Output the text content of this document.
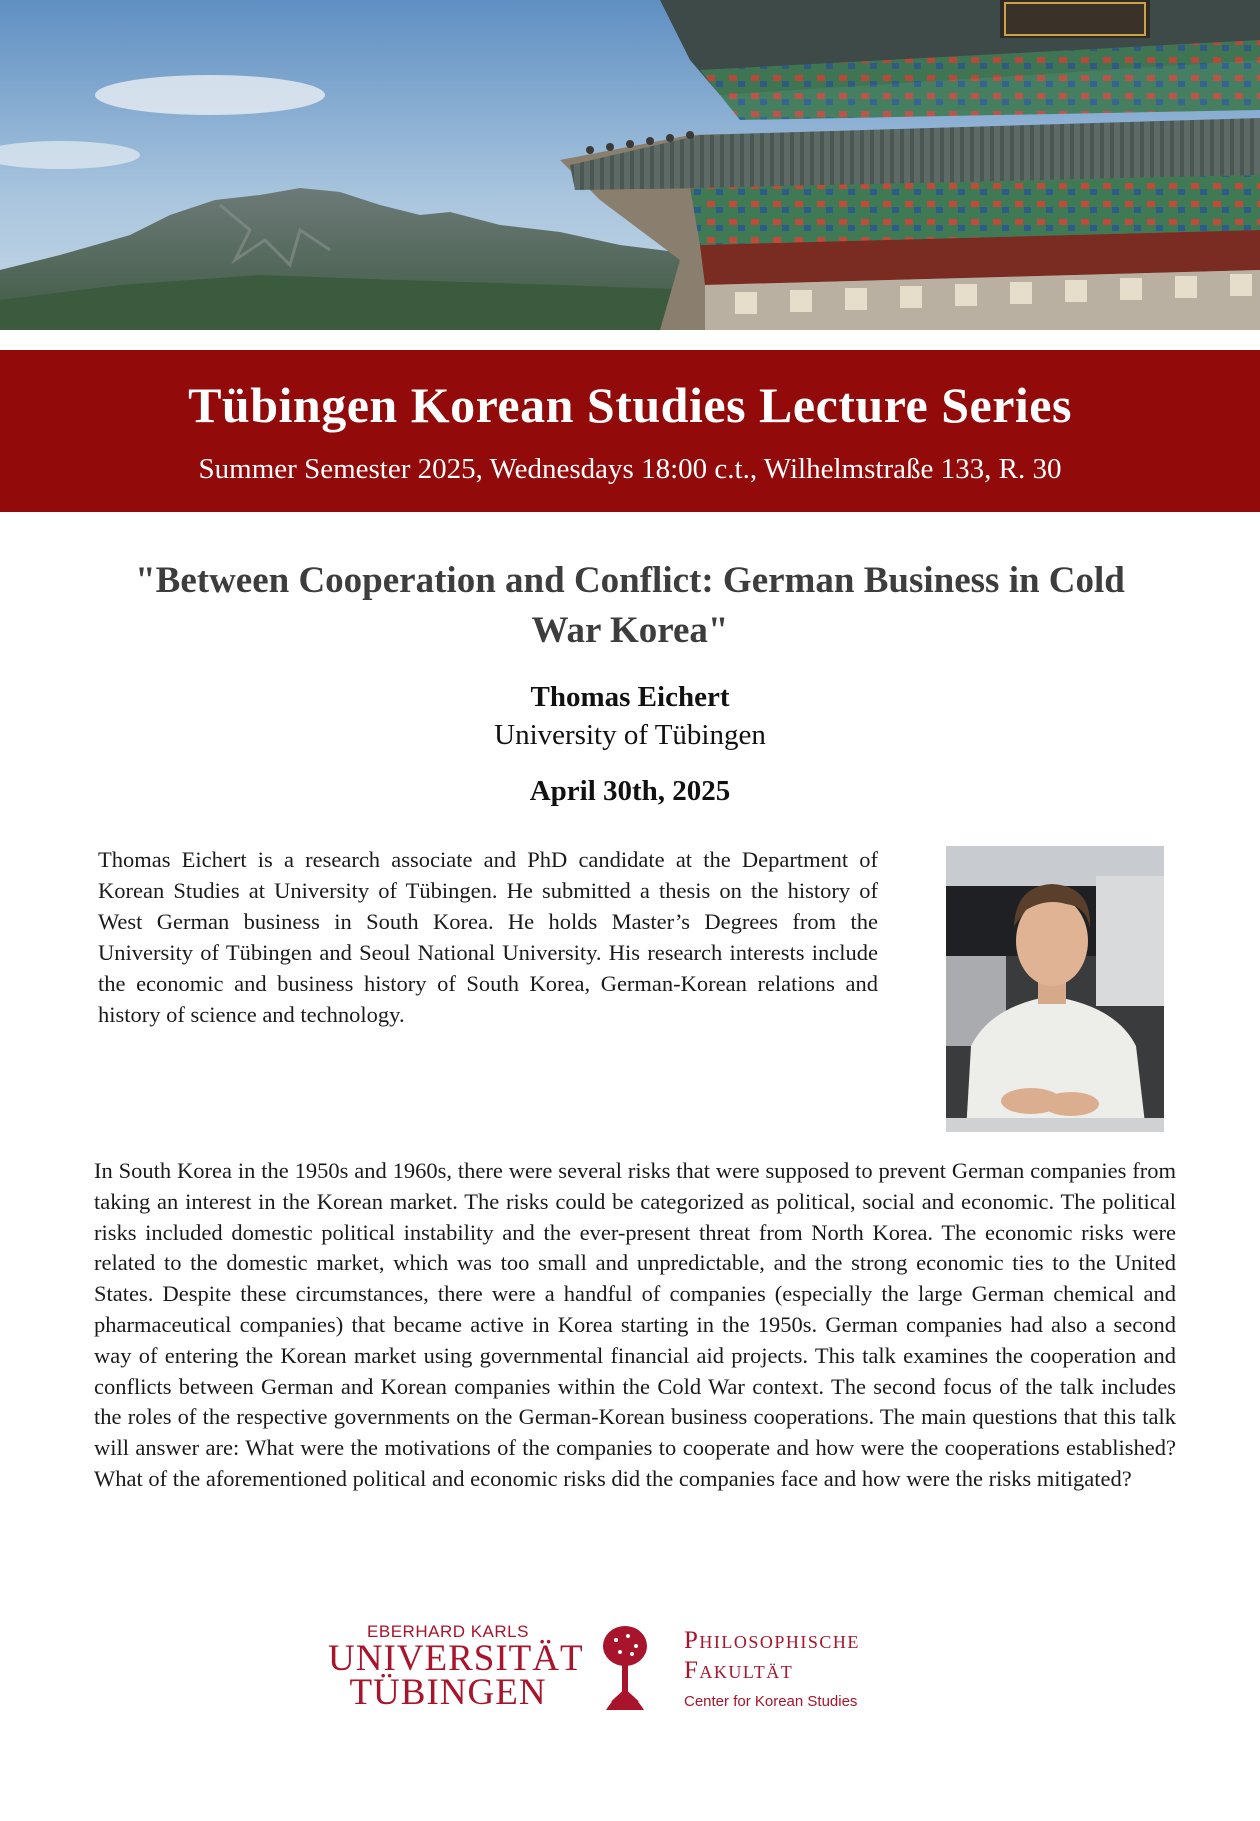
Tübingen Korean Studies Lecture Series
Summer Semester 2025, Wednesdays 18:00 c.t., Wilhelmstraße 133, R. 30
"Between Cooperation and Conflict: German Business in Cold War Korea"
Thomas Eichert
University of Tübingen
April 30th, 2025
Thomas Eichert is a research associate and PhD candidate at the Department of Korean Studies at University of Tübingen. He submitted a thesis on the history of West German business in South Korea. He holds Master’s Degrees from the University of Tübingen and Seoul National University. His research interests include the economic and business history of South Korea, German-Korean relations and history of science and technology.
In South Korea in the 1950s and 1960s, there were several risks that were supposed to prevent German companies from taking an interest in the Korean market. The risks could be categorized as political, social and economic. The political risks included domestic political instability and the ever-present threat from North Korea. The economic risks were related to the domestic market, which was too small and unpredictable, and the strong economic ties to the United States. Despite these circumstances, there were a handful of companies (especially the large German chemical and pharmaceutical companies) that became active in Korea starting in the 1950s. German companies had also a second way of entering the Korean market using governmental financial aid projects. This talk examines the cooperation and conflicts between German and Korean companies within the Cold War context. The second focus of the talk includes the roles of the respective governments on the German-Korean business cooperations. The main questions that this talk will answer are: What were the motivations of the companies to cooperate and how were the cooperations established? What of the aforementioned political and economic risks did the companies face and how were the risks mitigated?
EBERHARD KARLS
UNIVERSITÄT
TÜBINGEN
Philosophische
Fakultät
Center for Korean Studies
